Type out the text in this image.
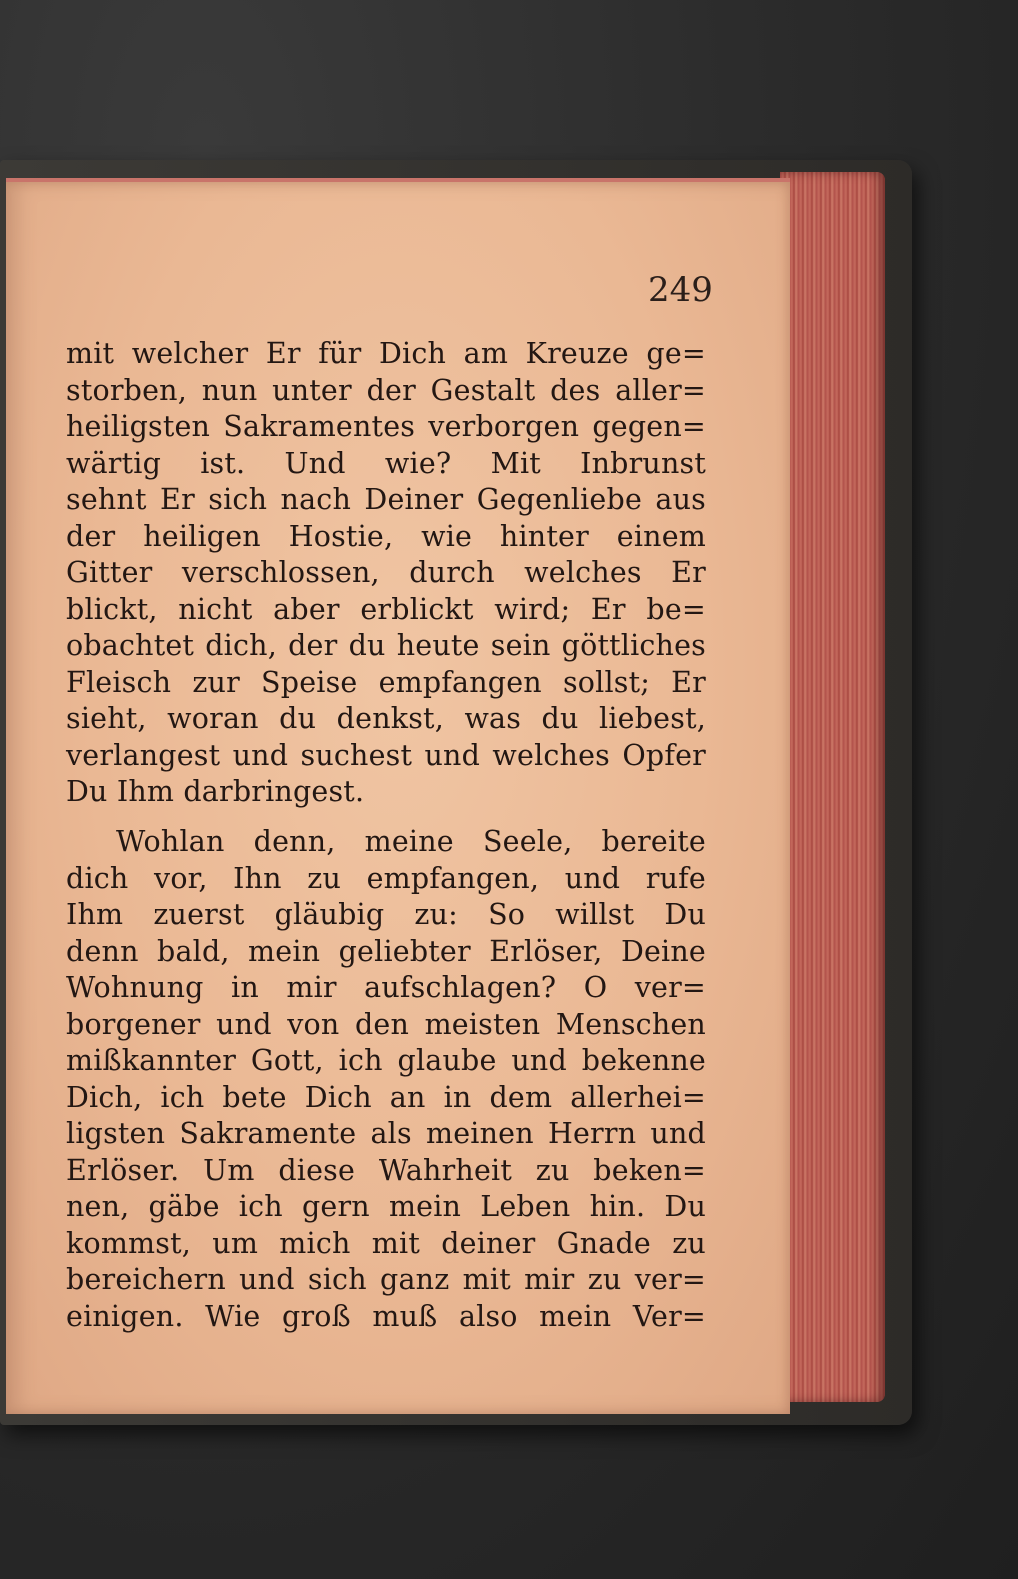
249
mit welcher Er für Dich am Kreuze ge=
storben, nun unter der Gestalt des aller=
heiligsten Sakramentes verborgen gegen=
wärtig ist. Und wie? Mit Inbrunst
sehnt Er sich nach Deiner Gegenliebe aus
der heiligen Hostie, wie hinter einem
Gitter verschlossen, durch welches Er
blickt, nicht aber erblickt wird; Er be=
obachtet dich, der du heute sein göttliches
Fleisch zur Speise empfangen sollst; Er
sieht, woran du denkst, was du liebest,
verlangest und suchest und welches Opfer
Du Ihm darbringest.
Wohlan denn, meine Seele, bereite
dich vor, Ihn zu empfangen, und rufe
Ihm zuerst gläubig zu: So willst Du
denn bald, mein geliebter Erlöser, Deine
Wohnung in mir aufschlagen? O ver=
borgener und von den meisten Menschen
mißkannter Gott, ich glaube und bekenne
Dich, ich bete Dich an in dem allerhei=
ligsten Sakramente als meinen Herrn und
Erlöser. Um diese Wahrheit zu beken=
nen, gäbe ich gern mein Leben hin. Du
kommst, um mich mit deiner Gnade zu
bereichern und sich ganz mit mir zu ver=
einigen. Wie groß muß also mein Ver=
